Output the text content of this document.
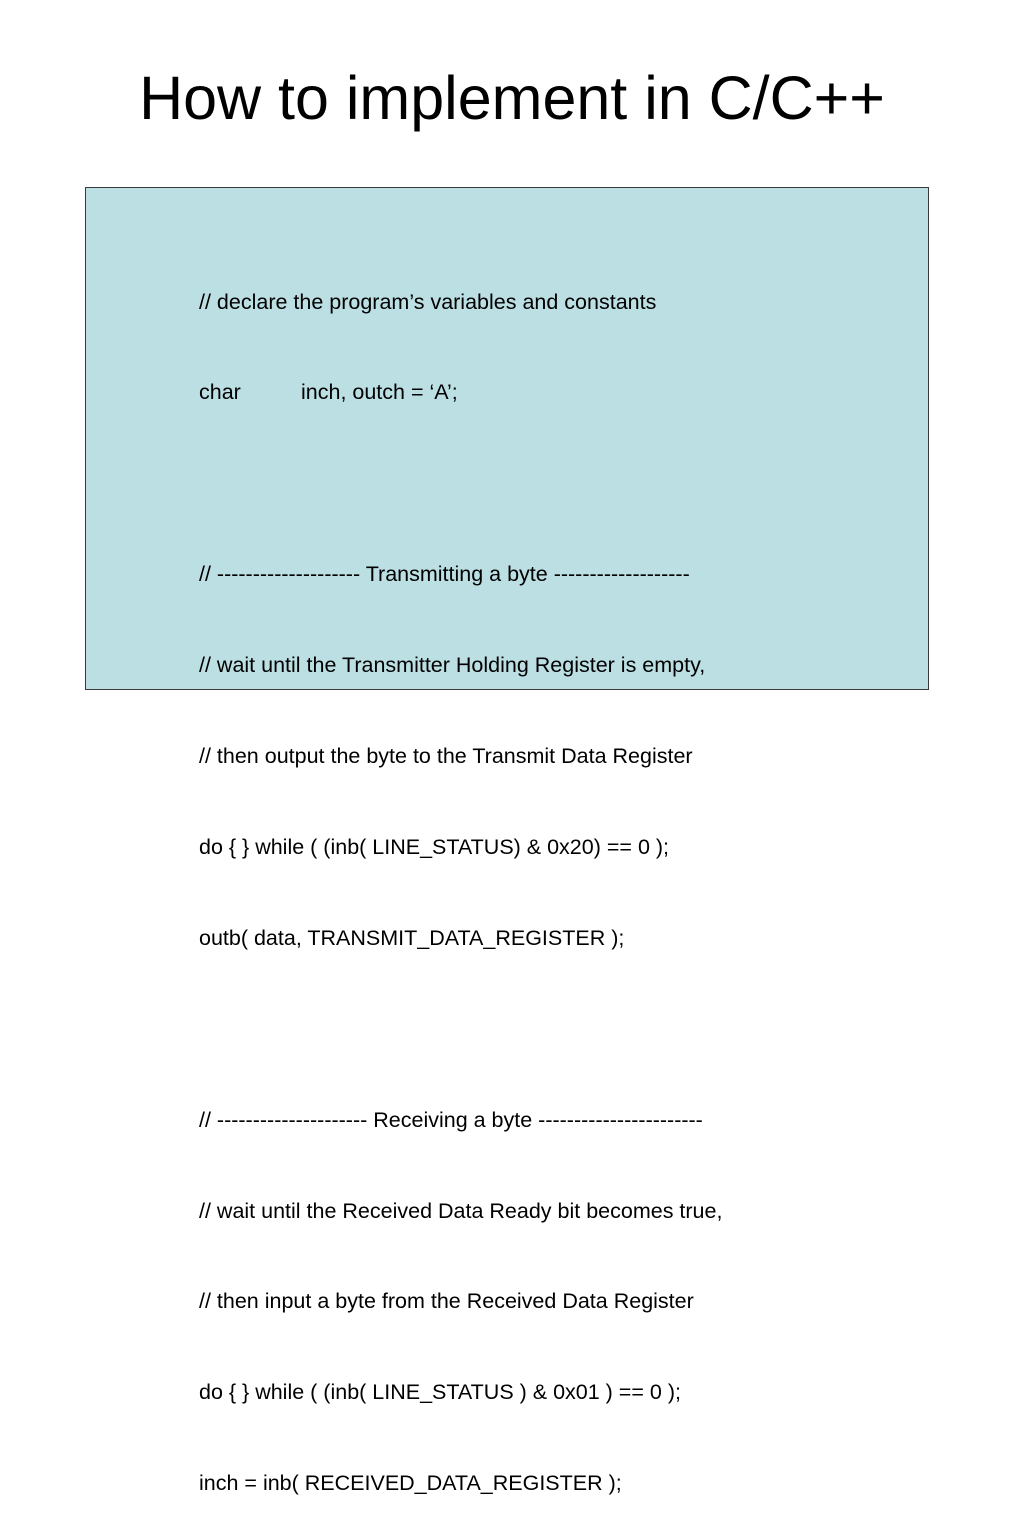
How to implement in C/C++

// declare the program’s variables and constants

char	inch, outch = ‘A’;

// -------------------- Transmitting a byte -------------------

// wait until the Transmitter Holding Register is empty,

// then output the byte to the Transmit Data Register

do { } while ( (inb( LINE_STATUS) & 0x20) == 0 );

outb( data, TRANSMIT_DATA_REGISTER );

// --------------------- Receiving a byte -----------------------

// wait until the Received Data Ready bit becomes true,

// then input a byte from the Received Data Register

do { } while ( (inb( LINE_STATUS ) & 0x01 ) == 0 );

inch = inb( RECEIVED_DATA_REGISTER );
